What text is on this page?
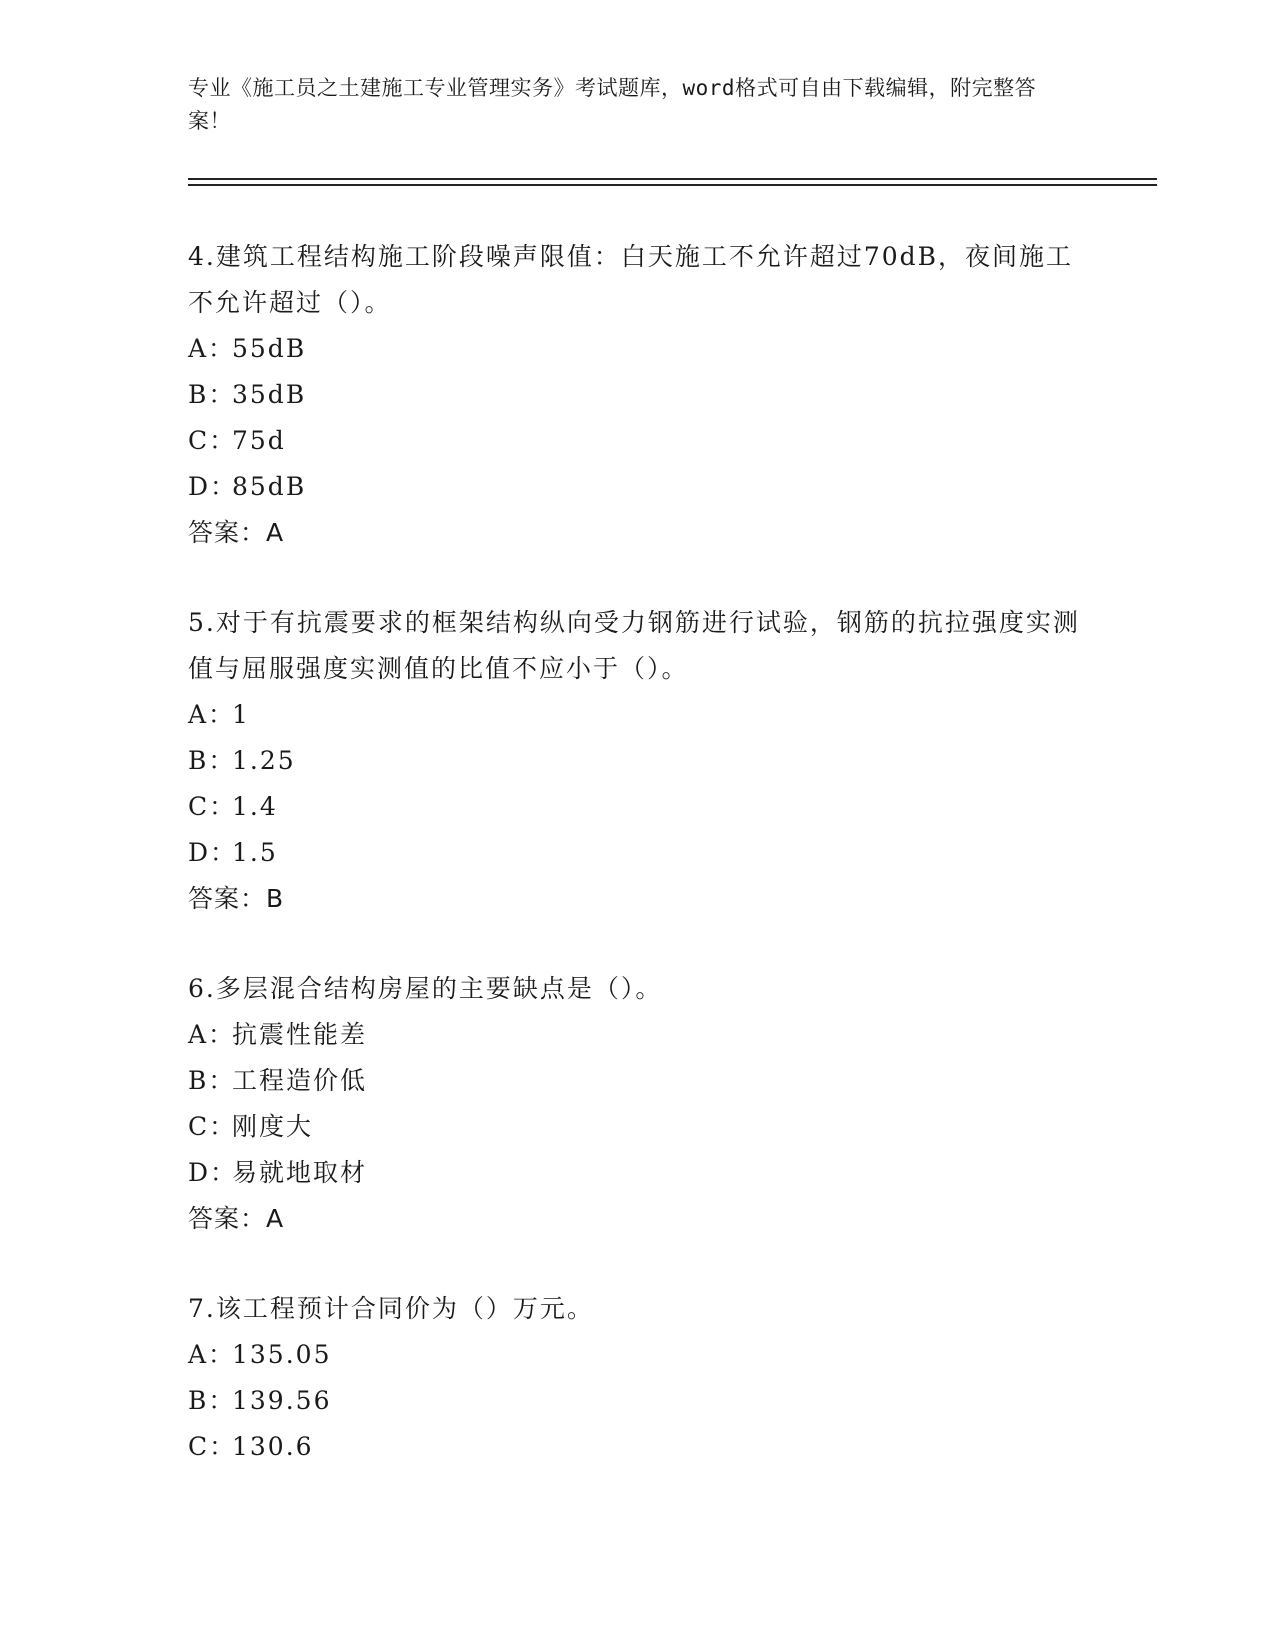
专业《施工员之土建施工专业管理实务》考试题库，word格式可自由下载编辑，附完整答案！

4.建筑工程结构施工阶段噪声限值：白天施工不允许超过70dB，夜间施工不允许超过（）。

A：55dB

B：35dB

C：75d

D：85dB

答案：A

5.对于有抗震要求的框架结构纵向受力钢筋进行试验，钢筋的抗拉强度实测值与屈服强度实测值的比值不应小于（）。

A：1

B：1.25

C：1.4

D：1.5

答案：B

6.多层混合结构房屋的主要缺点是（）。

A：抗震性能差

B：工程造价低

C：刚度大

D：易就地取材

答案：A

7.该工程预计合同价为（）万元。

A：135.05

B：139.56

C：130.6
